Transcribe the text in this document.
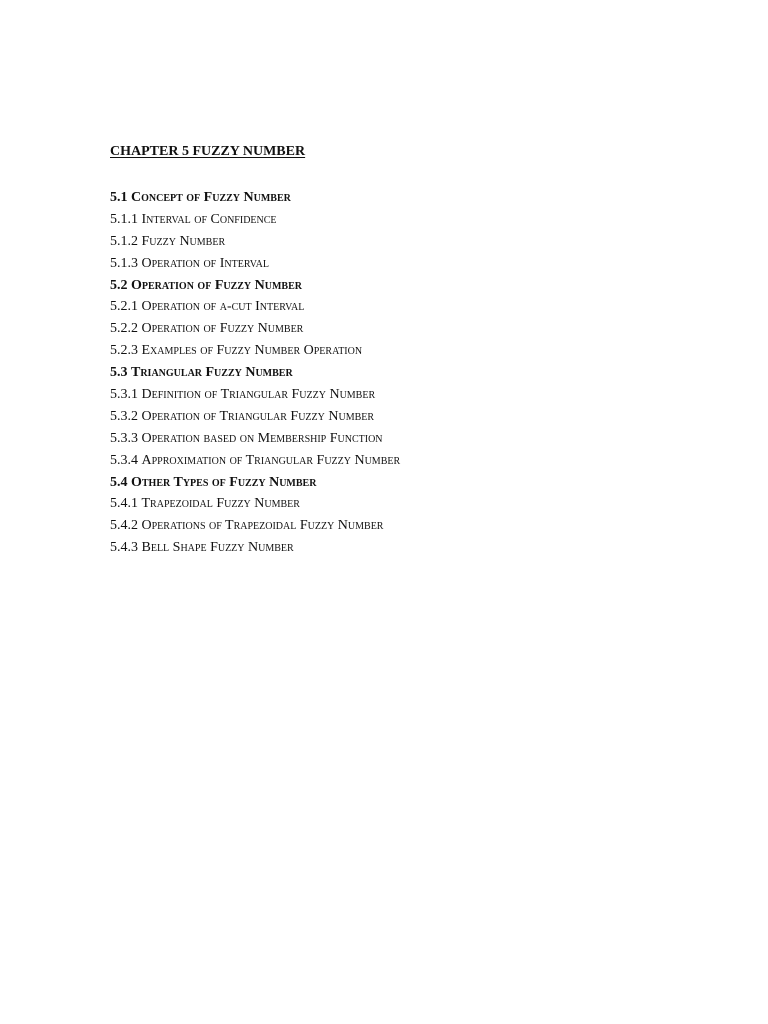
CHAPTER 5 FUZZY NUMBER
5.1 Concept of Fuzzy Number
5.1.1 Interval of Confidence
5.1.2 Fuzzy Number
5.1.3 Operation of Interval
5.2 Operation of Fuzzy Number
5.2.1 Operation of α-cut Interval
5.2.2 Operation of Fuzzy Number
5.2.3 Examples of Fuzzy Number Operation
5.3 Triangular Fuzzy Number
5.3.1 Definition of Triangular Fuzzy Number
5.3.2 Operation of Triangular Fuzzy Number
5.3.3 Operation based on Membership Function
5.3.4 Approximation of Triangular Fuzzy Number
5.4 Other Types of Fuzzy Number
5.4.1 Trapezoidal Fuzzy Number
5.4.2 Operations of Trapezoidal Fuzzy Number
5.4.3 Bell Shape Fuzzy Number
